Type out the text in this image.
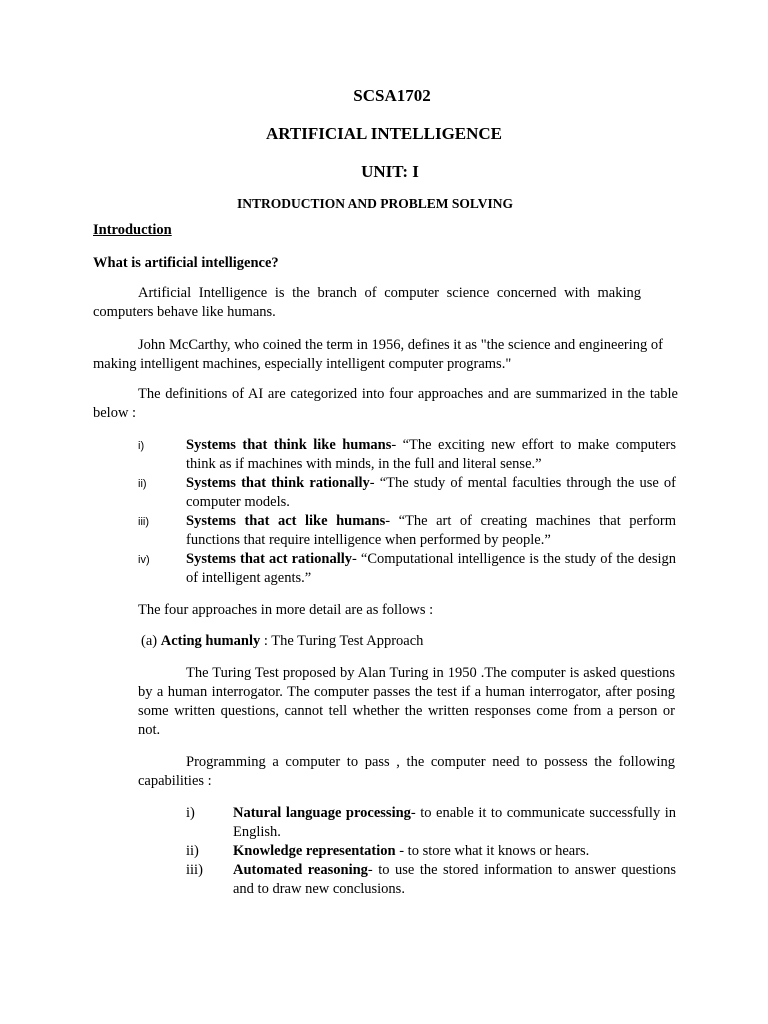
SCSA1702

ARTIFICIAL INTELLIGENCE

UNIT: I

INTRODUCTION AND PROBLEM SOLVING

Introduction

What is artificial intelligence?

Artificial Intelligence is the branch of computer science concerned with making computers behave like humans.

John McCarthy, who coined the term in 1956, defines it as "the science and engineering of making intelligent machines, especially intelligent computer programs."

The definitions of AI are categorized into four approaches and are summarized in the table below :

i)	Systems that think like humans- “The exciting new effort to make computers think as if machines with minds, in the full and literal sense.”
ii)	Systems that think rationally- “The study of mental faculties through the use of computer models.
iii)	Systems that act like humans- “The art of creating machines that perform functions that require intelligence when performed by people.”
iv)	Systems that act rationally- “Computational intelligence is the study of the design of intelligent agents.”

The four approaches in more detail are as follows :

(a) Acting humanly : The Turing Test Approach

The Turing Test proposed by Alan Turing in 1950 .The computer is asked questions by a human interrogator. The computer passes the test if a human interrogator, after posing some written questions, cannot tell whether the written responses come from a person or not.

Programming a computer to pass , the computer need to possess the following capabilities :

i)	Natural language processing- to enable it to communicate successfully in English.
ii) Knowledge representation - to store what it knows or hears.
iii) Automated reasoning- to use the stored information to answer questions and to draw new conclusions.
